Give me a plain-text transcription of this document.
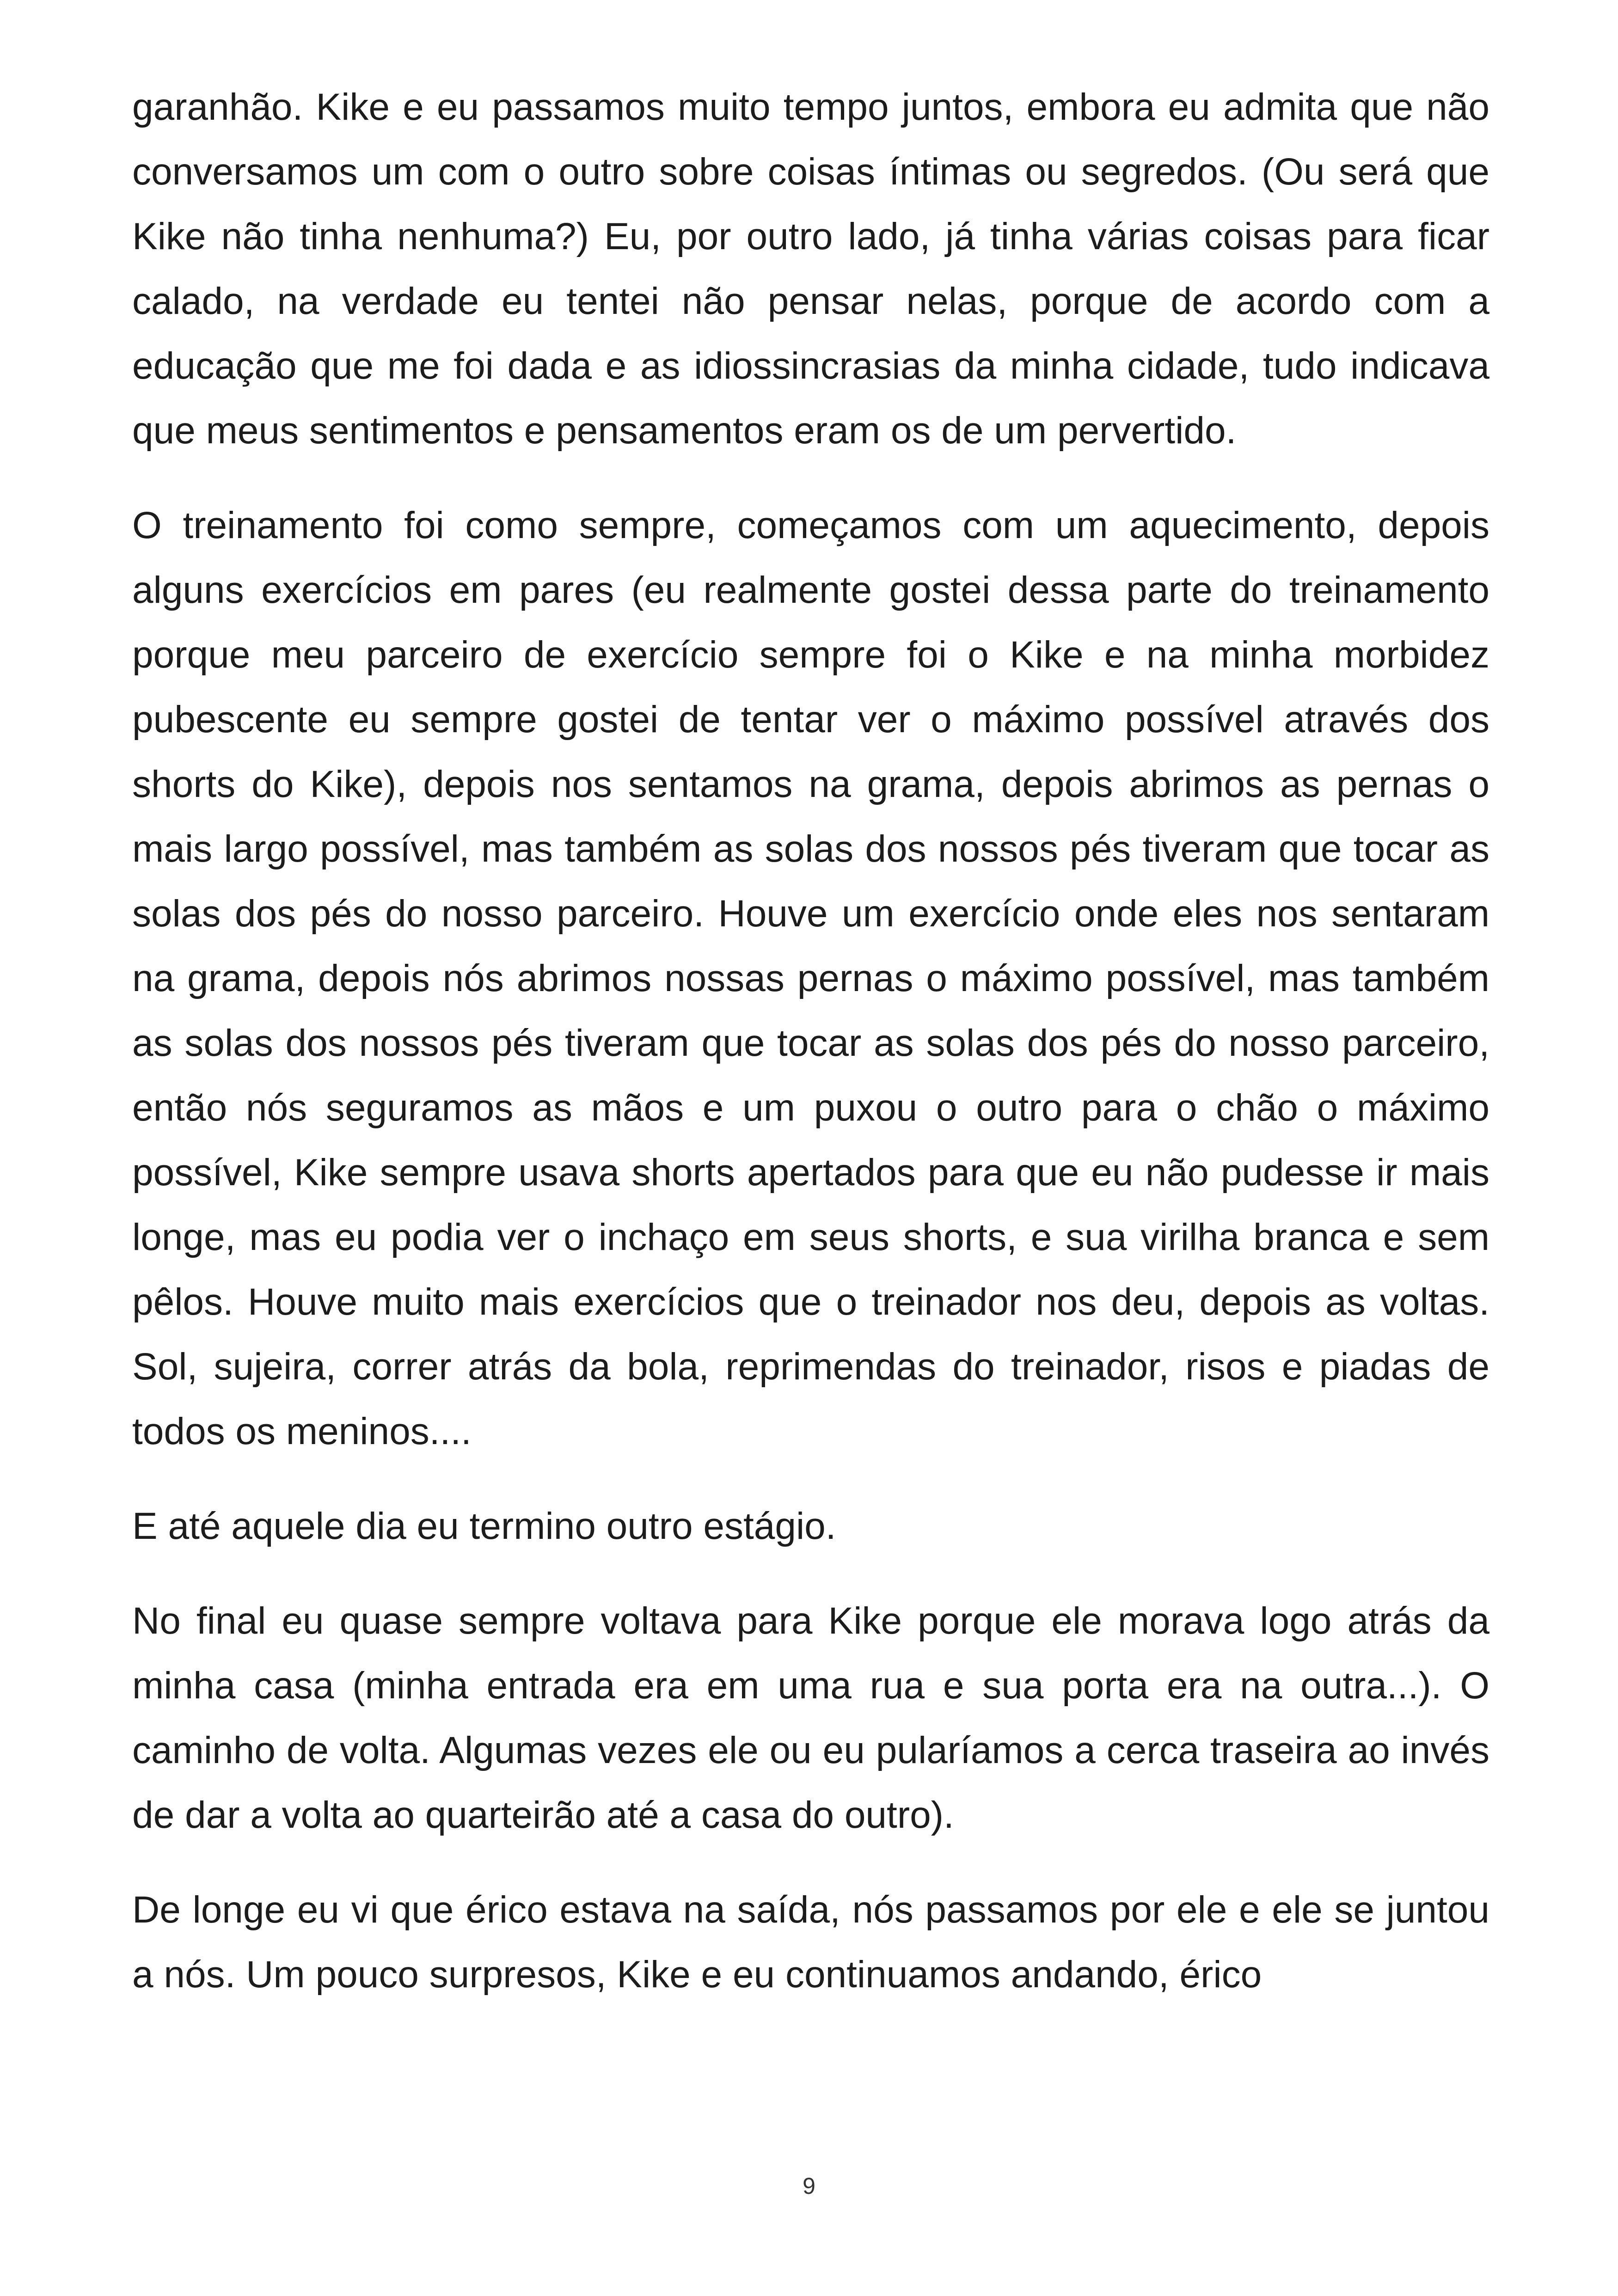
garanhão. Kike e eu passamos muito tempo juntos, embora eu admita que não conversamos um com o outro sobre coisas íntimas ou segredos. (Ou será que Kike não tinha nenhuma?) Eu, por outro lado, já tinha várias coisas para ficar calado, na verdade eu tentei não pensar nelas, porque de acordo com a educação que me foi dada e as idiossincrasias da minha cidade, tudo indicava que meus sentimentos e pensamentos eram os de um pervertido.

O treinamento foi como sempre, começamos com um aquecimento, depois alguns exercícios em pares (eu realmente gostei dessa parte do treinamento porque meu parceiro de exercício sempre foi o Kike e na minha morbidez pubescente eu sempre gostei de tentar ver o máximo possível através dos shorts do Kike), depois nos sentamos na grama, depois abrimos as pernas o mais largo possível, mas também as solas dos nossos pés tiveram que tocar as solas dos pés do nosso parceiro. Houve um exercício onde eles nos sentaram na grama, depois nós abrimos nossas pernas o máximo possível, mas também as solas dos nossos pés tiveram que tocar as solas dos pés do nosso parceiro, então nós seguramos as mãos e um puxou o outro para o chão o máximo possível, Kike sempre usava shorts apertados para que eu não pudesse ir mais longe, mas eu podia ver o inchaço em seus shorts, e sua virilha branca e sem pêlos. Houve muito mais exercícios que o treinador nos deu, depois as voltas. Sol, sujeira, correr atrás da bola, reprimendas do treinador, risos e piadas de todos os meninos....

E até aquele dia eu termino outro estágio.

No final eu quase sempre voltava para Kike porque ele morava logo atrás da minha casa (minha entrada era em uma rua e sua porta era na outra...). O caminho de volta. Algumas vezes ele ou eu pularíamos a cerca traseira ao invés de dar a volta ao quarteirão até a casa do outro).

De longe eu vi que érico estava na saída, nós passamos por ele e ele se juntou a nós. Um pouco surpresos, Kike e eu continuamos andando, érico

9
